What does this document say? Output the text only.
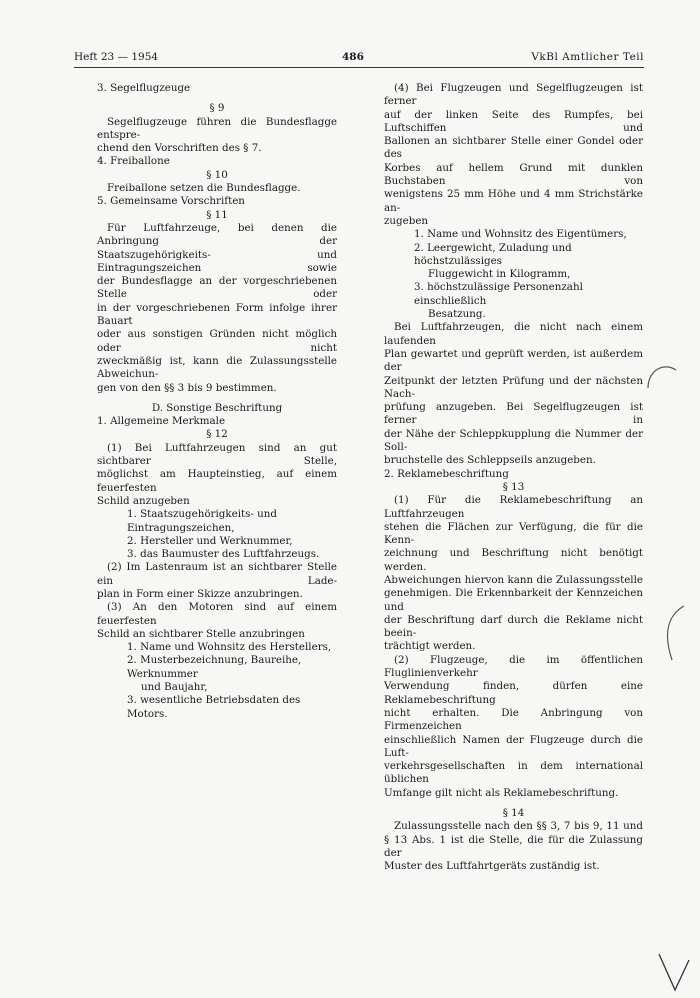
Heft 23 — 1954	486	VkBl Amtlicher Teil

3. Segelflugzeuge

§ 9

Segelflugzeuge führen die Bundesflagge entspre-

chend den Vorschriften des § 7.

4. Freiballone

§ 10

Freiballone setzen die Bundesflagge.

5. Gemeinsame Vorschriften

§ 11

Für Luftfahrzeuge, bei denen die Anbringung der

Staatszugehörigkeits- und Eintragungszeichen sowie

der Bundesflagge an der vorgeschriebenen Stelle oder

in der vorgeschriebenen Form infolge ihrer Bauart

oder aus sonstigen Gründen nicht möglich oder nicht

zweckmäßig ist, kann die Zulassungsstelle Abweichun-

gen von den §§ 3 bis 9 bestimmen.

D. Sonstige Beschriftung

1. Allgemeine Merkmale

§ 12

(1) Bei Luftfahrzeugen sind an gut sichtbarer Stelle,

möglichst am Haupteinstieg, auf einem feuerfesten

Schild anzugeben

1. Staatszugehörigkeits- und Eintragungszeichen,

2. Hersteller und Werknummer,

3. das Baumuster des Luftfahrzeugs.

(2) Im Lastenraum ist an sichtbarer Stelle ein Lade-

plan in Form einer Skizze anzubringen.

(3) An den Motoren sind auf einem feuerfesten

Schild an sichtbarer Stelle anzubringen

1. Name und Wohnsitz des Herstellers,

2. Musterbezeichnung, Baureihe, Werknummer

und Baujahr,

3. wesentliche Betriebsdaten des Motors.

(4) Bei Flugzeugen und Segelflugzeugen ist ferner

auf der linken Seite des Rumpfes, bei Luftschiffen und

Ballonen an sichtbarer Stelle einer Gondel oder des

Korbes auf hellem Grund mit dunklen Buchstaben von

wenigstens 25 mm Höhe und 4 mm Strichstärke an-

zugeben

1. Name und Wohnsitz des Eigentümers,

2. Leergewicht, Zuladung und höchstzulässiges

Fluggewicht in Kilogramm,

3. höchstzulässige Personenzahl einschließlich

Besatzung.

Bei Luftfahrzeugen, die nicht nach einem laufenden

Plan gewartet und geprüft werden, ist außerdem der

Zeitpunkt der letzten Prüfung und der nächsten Nach-

prüfung anzugeben. Bei Segelflugzeugen ist ferner in

der Nähe der Schleppkupplung die Nummer der Soll-

bruchstelle des Schleppseils anzugeben.

2. Reklamebeschriftung

§ 13

(1) Für die Reklamebeschriftung an Luftfahrzeugen

stehen die Flächen zur Verfügung, die für die Kenn-

zeichnung und Beschriftung nicht benötigt werden.

Abweichungen hiervon kann die Zulassungsstelle

genehmigen. Die Erkennbarkeit der Kennzeichen und

der Beschriftung darf durch die Reklame nicht beein-

trächtigt werden.

(2) Flugzeuge, die im öffentlichen Fluglinienverkehr

Verwendung finden, dürfen eine Reklamebeschriftung

nicht erhalten. Die Anbringung von Firmenzeichen

einschließlich Namen der Flugzeuge durch die Luft-

verkehrsgesellschaften in dem international üblichen

Umfange gilt nicht als Reklamebeschriftung.

§ 14

Zulassungsstelle nach den §§ 3, 7 bis 9, 11 und

§ 13 Abs. 1 ist die Stelle, die für die Zulassung der

Muster des Luftfahrtgeräts zuständig ist.
